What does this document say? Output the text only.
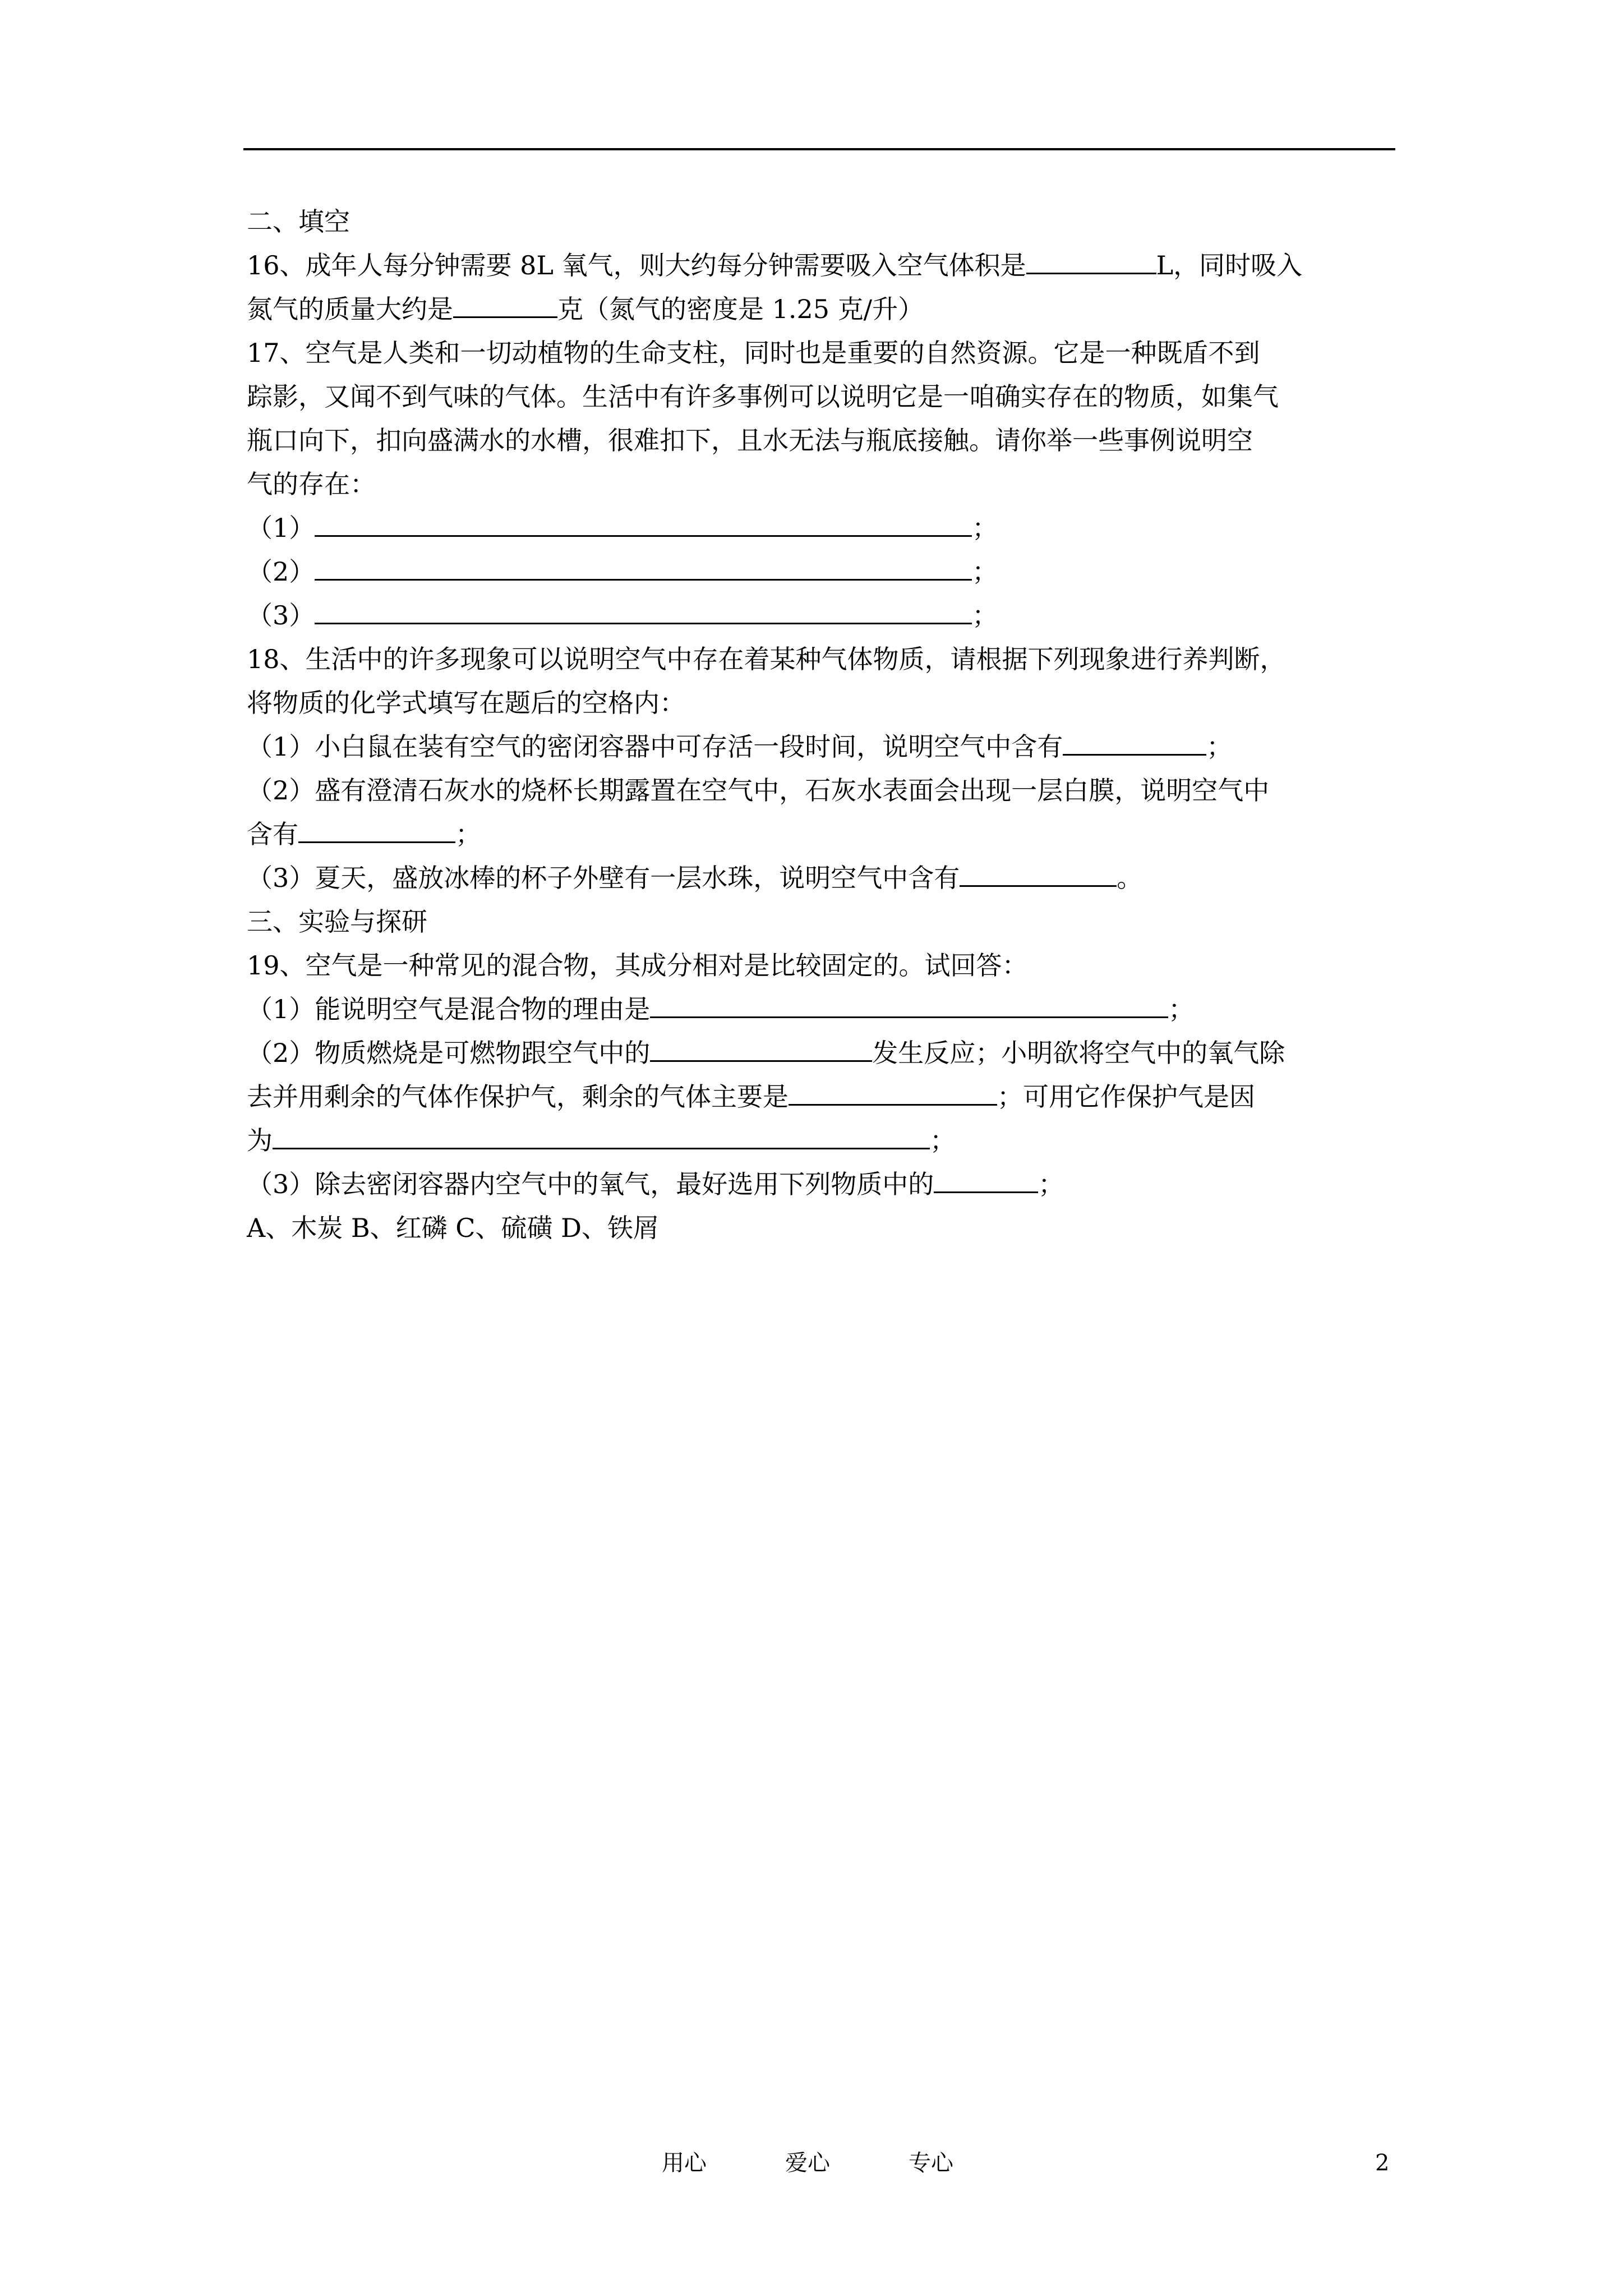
二、填空
16、成年人每分钟需要 8L 氧气，则大约每分钟需要吸入空气体积是	L，同时吸入
氮气的质量大约是	克（氮气的密度是 1.25 克/升）
17、空气是人类和一切动植物的生命支柱，同时也是重要的自然资源。它是一种既盾不到
踪影，又闻不到气味的气体。生活中有许多事例可以说明它是一咱确实存在的物质，如集气
瓶口向下，扣向盛满水的水槽，很难扣下，且水无法与瓶底接触。请你举一些事例说明空
气的存在：
（1）	；
（2）	；
（3）	；
18、生活中的许多现象可以说明空气中存在着某种气体物质，请根据下列现象进行养判断，
将物质的化学式填写在题后的空格内：
（1）小白鼠在装有空气的密闭容器中可存活一段时间，说明空气中含有	；
（2）盛有澄清石灰水的烧杯长期露置在空气中，石灰水表面会出现一层白膜，说明空气中
含有	；
（3）夏天，盛放冰棒的杯子外壁有一层水珠，说明空气中含有	。
三、实验与探研
19、空气是一种常见的混合物，其成分相对是比较固定的。试回答：
（1）能说明空气是混合物的理由是	；
（2）物质燃烧是可燃物跟空气中的	发生反应；小明欲将空气中的氧气除
去并用剩余的气体作保护气，剩余的气体主要是	；可用它作保护气是因
为	；
（3）除去密闭容器内空气中的氧气，最好选用下列物质中的	；
A、木炭 B、红磷 C、硫磺 D、铁屑
用心	爱心	专心	2
